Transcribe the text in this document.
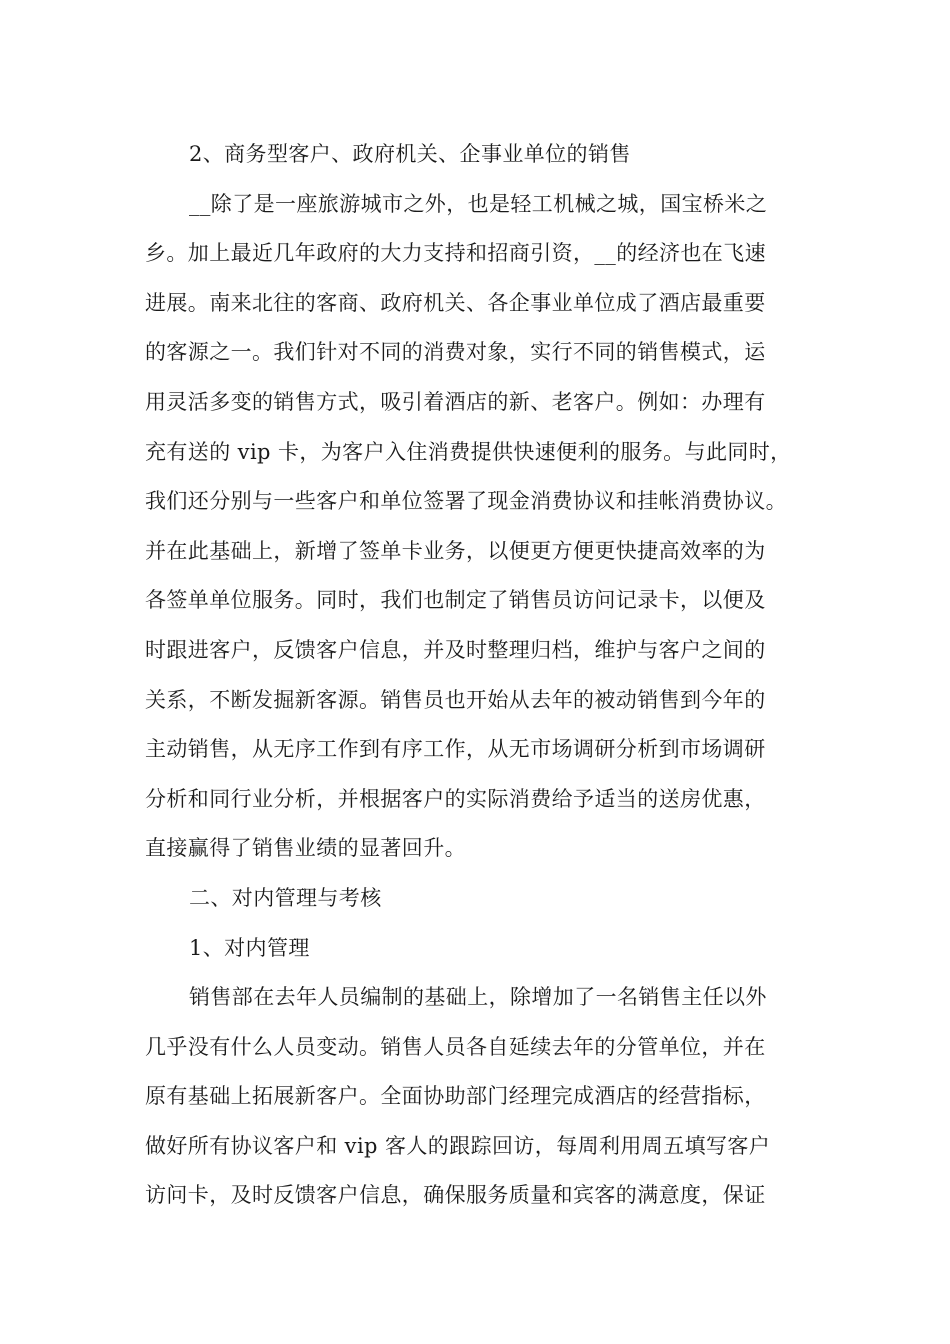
2、商务型客户、政府机关、企事业单位的销售

__除了是一座旅游城市之外，也是轻工机械之城，国宝桥米之
乡。加上最近几年政府的大力支持和招商引资，__的经济也在飞速
进展。南来北往的客商、政府机关、各企事业单位成了酒店最重要
的客源之一。我们针对不同的消费对象，实行不同的销售模式，运
用灵活多变的销售方式，吸引着酒店的新、老客户。例如：办理有
充有送的 vip 卡，为客户入住消费提供快速便利的服务。与此同时，
我们还分别与一些客户和单位签署了现金消费协议和挂帐消费协议。
并在此基础上，新增了签单卡业务，以便更方便更快捷高效率的为
各签单单位服务。同时，我们也制定了销售员访问记录卡，以便及
时跟进客户，反馈客户信息，并及时整理归档，维护与客户之间的
关系，不断发掘新客源。销售员也开始从去年的被动销售到今年的
主动销售，从无序工作到有序工作，从无市场调研分析到市场调研
分析和同行业分析，并根据客户的实际消费给予适当的送房优惠，
直接赢得了销售业绩的显著回升。

二、对内管理与考核

1、对内管理

销售部在去年人员编制的基础上，除增加了一名销售主任以外
几乎没有什么人员变动。销售人员各自延续去年的分管单位，并在
原有基础上拓展新客户。全面协助部门经理完成酒店的经营指标，
做好所有协议客户和 vip 客人的跟踪回访，每周利用周五填写客户
访问卡，及时反馈客户信息，确保服务质量和宾客的满意度，保证
